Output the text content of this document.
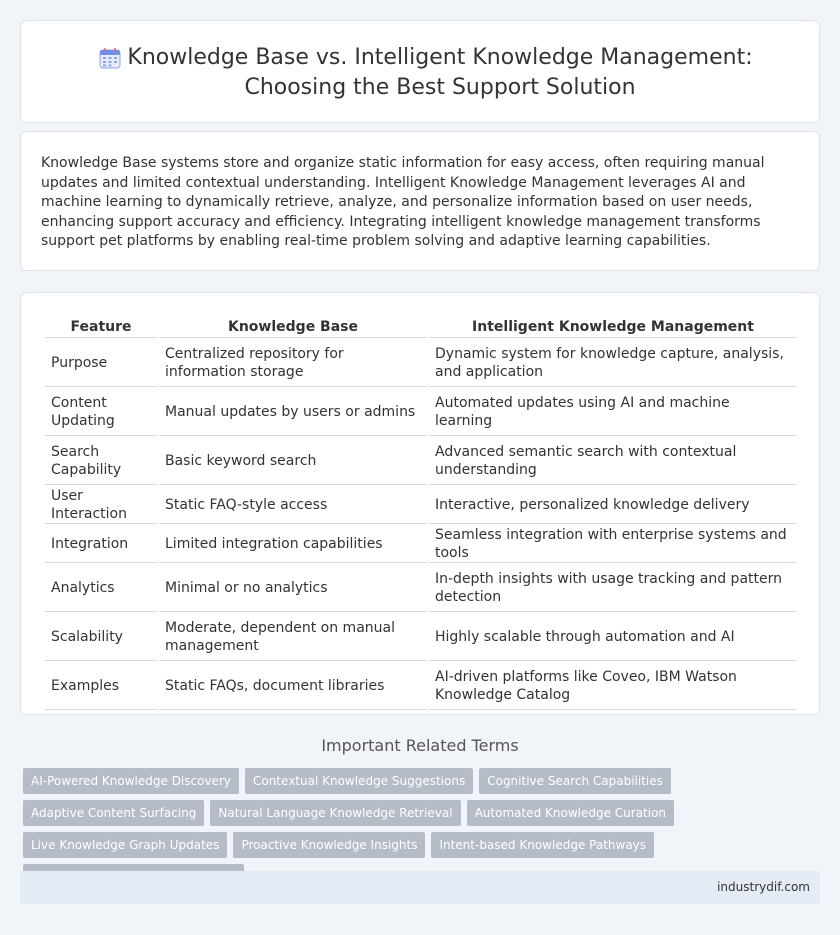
Knowledge Base vs. Intelligent Knowledge Management: Choosing the Best Support Solution

Knowledge Base systems store and organize static information for easy access, often requiring manual updates and limited contextual understanding. Intelligent Knowledge Management leverages AI and machine learning to dynamically retrieve, analyze, and personalize information based on user needs, enhancing support accuracy and efficiency. Integrating intelligent knowledge management transforms support pet platforms by enabling real-time problem solving and adaptive learning capabilities.

Feature	Knowledge Base	Intelligent Knowledge Management
Purpose	Centralized repository for information storage	Dynamic system for knowledge capture, analysis, and application
Content Updating	Manual updates by users or admins	Automated updates using AI and machine learning
Search Capability	Basic keyword search	Advanced semantic search with contextual understanding
User Interaction	Static FAQ-style access	Interactive, personalized knowledge delivery
Integration	Limited integration capabilities	Seamless integration with enterprise systems and tools
Analytics	Minimal or no analytics	In-depth insights with usage tracking and pattern detection
Scalability	Moderate, dependent on manual management	Highly scalable through automation and AI
Examples	Static FAQs, document libraries	AI-driven platforms like Coveo, IBM Watson Knowledge Catalog
Important Related Terms
AI-Powered Knowledge Discovery	Contextual Knowledge Suggestions	Cognitive Search Capabilities
Adaptive Content Surfacing	Natural Language Knowledge Retrieval	Automated Knowledge Curation
Live Knowledge Graph Updates	Proactive Knowledge Insights	Intent-based Knowledge Pathways
industrydif.com
